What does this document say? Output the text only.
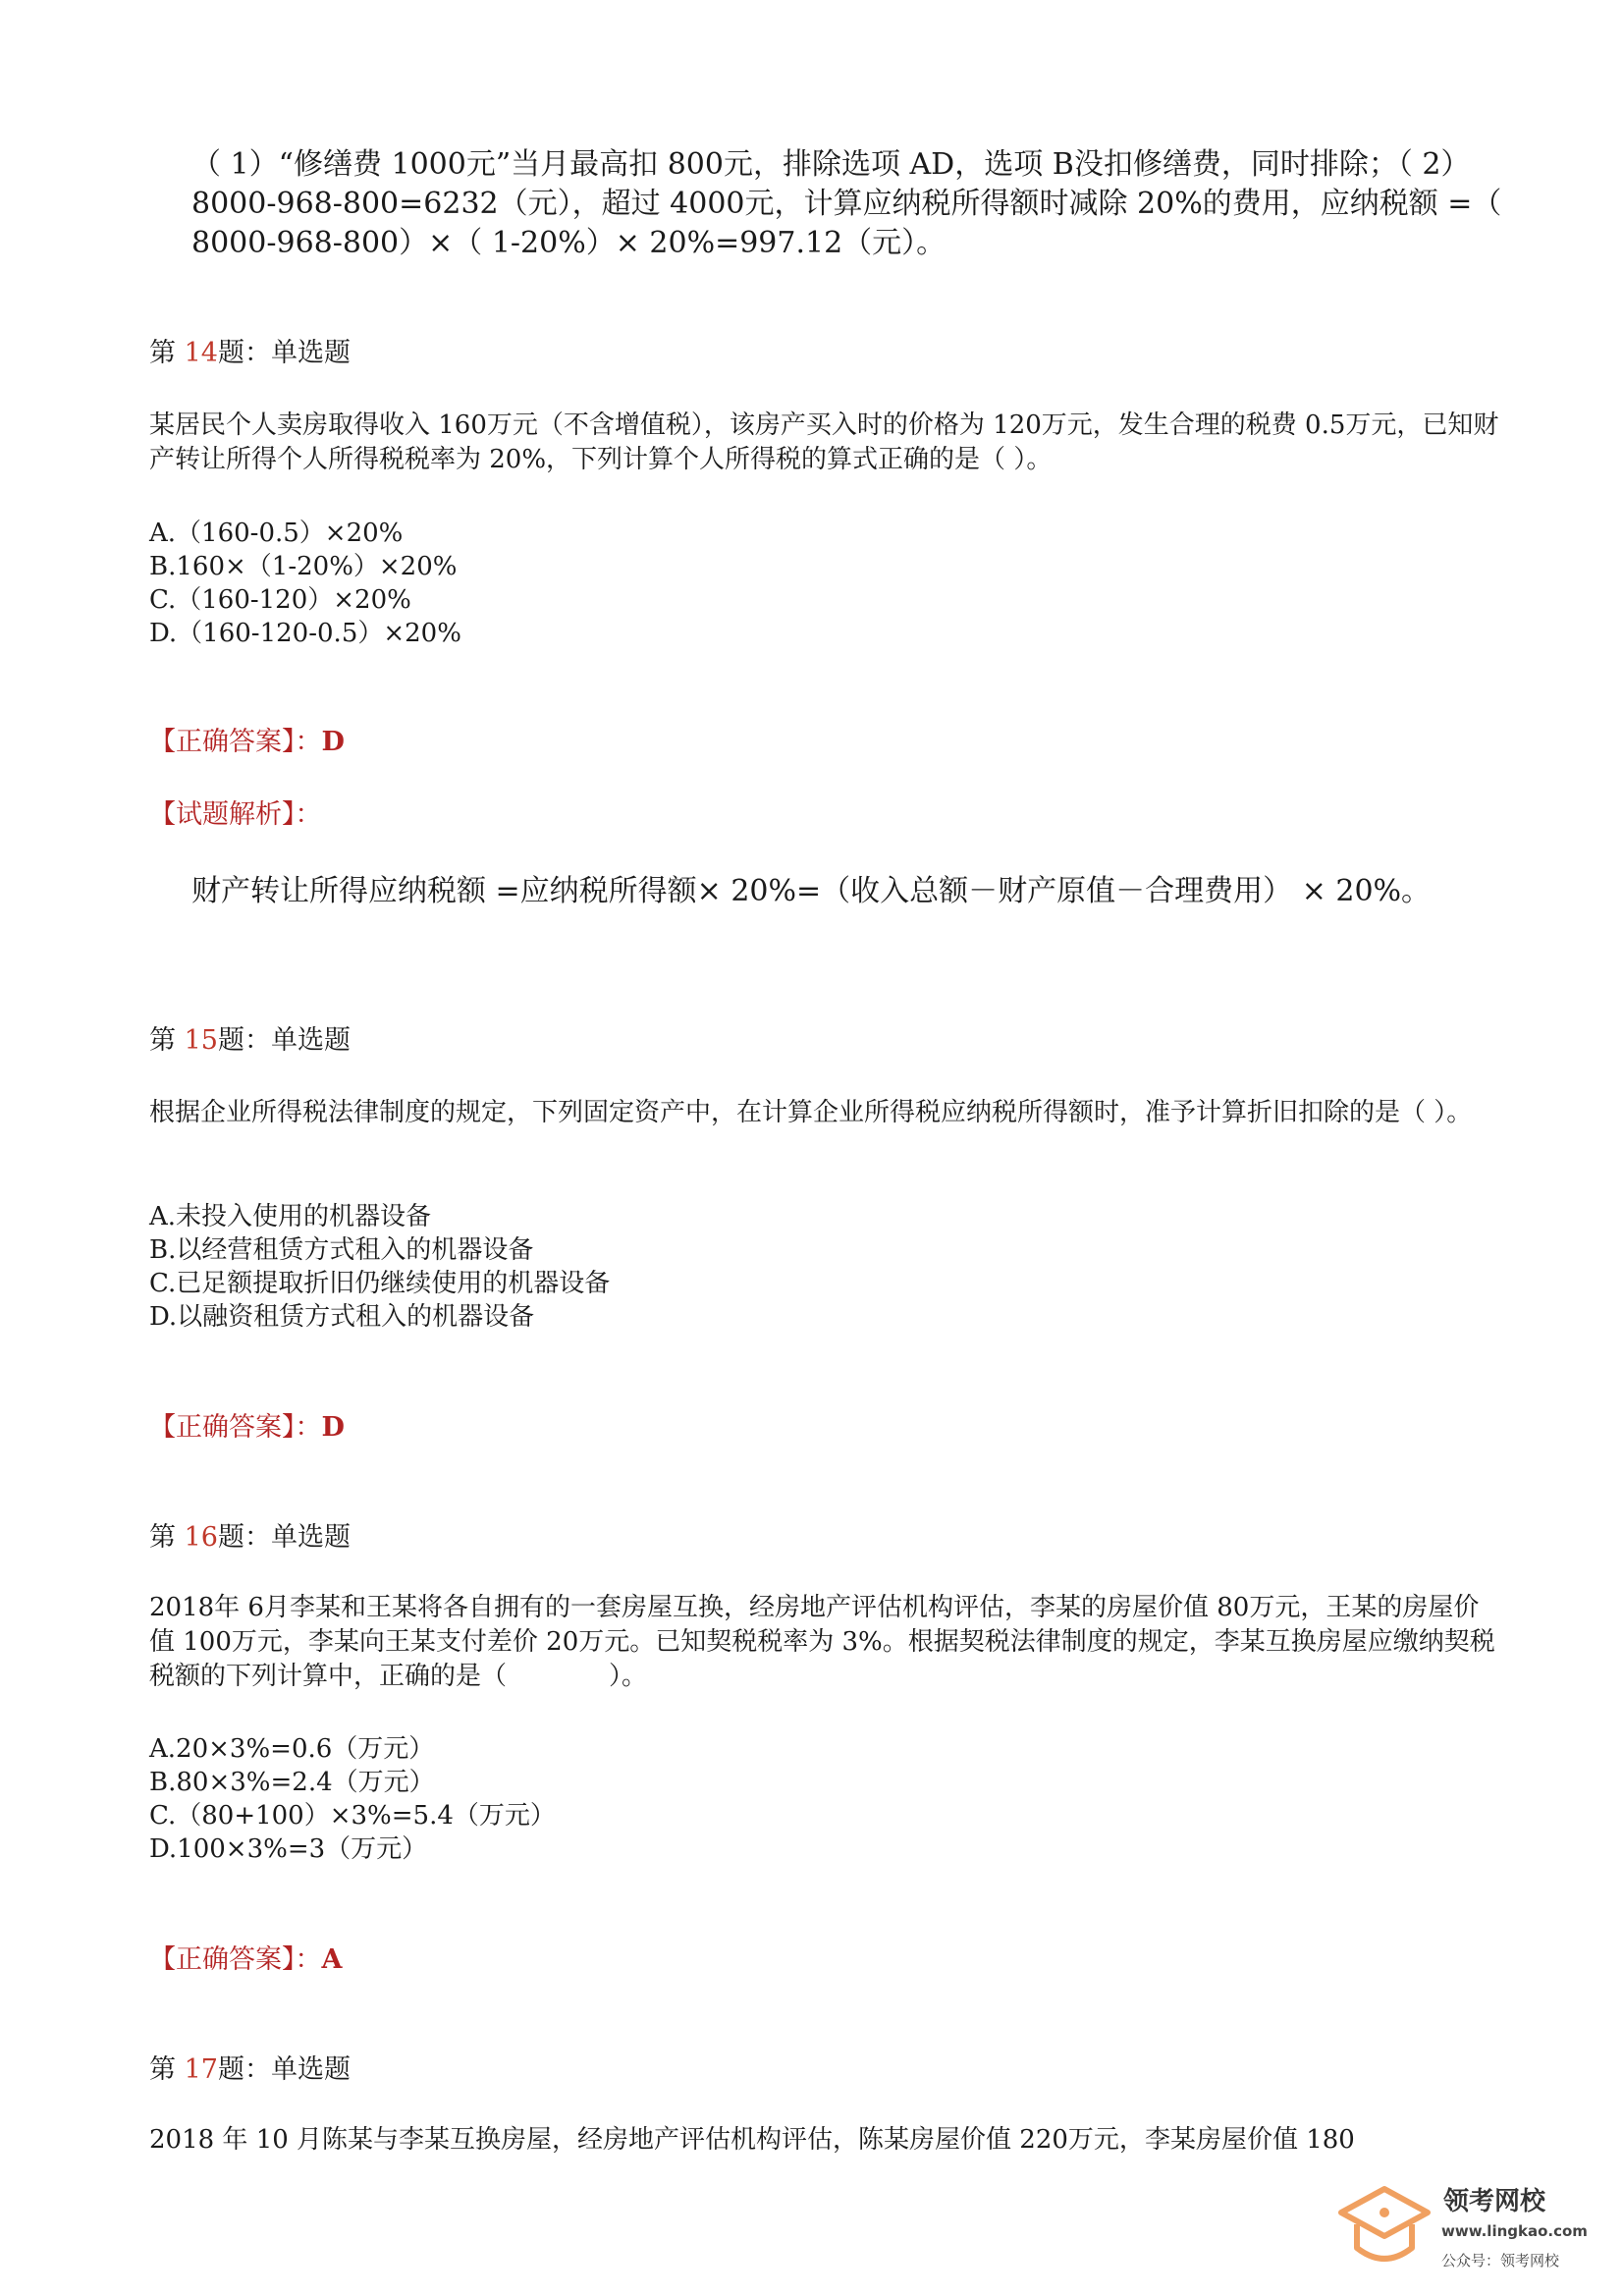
（ 1）“修缮费 1000元”当月最高扣 800元，排除选项 AD，选项 B没扣修缮费，同时排除；（ 2） 8000-968-800=6232（元），超过 4000元，计算应纳税所得额时减除 20%的费用，应纳税额 =（ 8000-968-800）×（ 1-20%）× 20%=997.12（元）。
第 14题：单选题
某居民个人卖房取得收入 160万元（不含增值税），该房产买入时的价格为 120万元，发生合理的税费 0.5万元，已知财产转让所得个人所得税税率为 20%，下列计算个人所得税的算式正确的是（ ）。
A.（160-0.5）×20%
B.160×（1-20%）×20%
C.（160-120）×20%
D.（160-120-0.5）×20%
【正确答案】：D
【试题解析】：
财产转让所得应纳税额 =应纳税所得额× 20%=（收入总额－财产原值－合理费用） × 20%。
第 15题：单选题
根据企业所得税法律制度的规定，下列固定资产中，在计算企业所得税应纳税所得额时，准予计算折旧扣除的是（ ）。
A.未投入使用的机器设备
B.以经营租赁方式租入的机器设备
C.已足额提取折旧仍继续使用的机器设备
D.以融资租赁方式租入的机器设备
【正确答案】：D
第 16题：单选题
2018年 6月李某和王某将各自拥有的一套房屋互换，经房地产评估机构评估，李某的房屋价值 80万元，王某的房屋价值 100万元，李某向王某支付差价 20万元。已知契税税率为 3%。根据契税法律制度的规定，李某互换房屋应缴纳契税税额的下列计算中，正确的是（　　　　）。
A.20×3%=0.6（万元）
B.80×3%=2.4（万元）
C.（80+100）×3%=5.4（万元）
D.100×3%=3（万元）
【正确答案】：A
第 17题：单选题
2018 年 10 月陈某与李某互换房屋，经房地产评估机构评估，陈某房屋价值 220万元，李某房屋价值 180
领考网校
www.lingkao.com
公众号：领考网校
